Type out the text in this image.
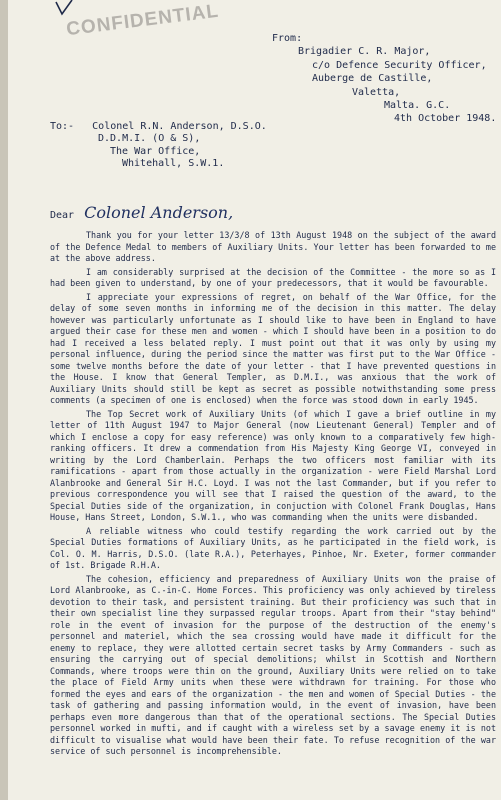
CONFIDENTIAL	From:
Brigadier C. R. Major,
c/o Defence Security Officer,
Auberge de Castille,
Valetta,
Malta. G.C.
4th October 1948.
To:- Colonel R.N. Anderson, D.S.O.
D.D.M.I. (O & S),
The War Office,
Whitehall, S.W.1.
Dear Colonel Anderson,

Thank you for your letter 13/3/8 of 13th August 1948 on the subject of the award of the Defence Medal to members of Auxiliary Units. Your letter has been forwarded to me at the above address.

I am considerably surprised at the decision of the Committee - the more so as I had been given to understand, by one of your predecessors, that it would be favourable.

I appreciate your expressions of regret, on behalf of the War Office, for the delay of some seven months in informing me of the decision in this matter. The delay however was particularly unfortunate as I should like to have been in England to have argued their case for these men and women - which I should have been in a position to do had I received a less belated reply. I must point out that it was only by using my personal influence, during the period since the matter was first put to the War Office - some twelve months before the date of your letter - that I have prevented questions in the House. I know that General Templer, as D.M.I., was anxious that the work of Auxiliary Units should still be kept as secret as possible notwithstanding some press comments (a specimen of one is enclosed) when the force was stood down in early 1945.

The Top Secret work of Auxiliary Units (of which I gave a brief outline in my letter of 11th August 1947 to Major General (now Lieutenant General) Templer and of which I enclose a copy for easy reference) was only known to a comparatively few high-ranking officers. It drew a commendation from His Majesty King George VI, conveyed in writing by the Lord Chamberlain. Perhaps the two officers most familiar with its ramifications - apart from those actually in the organization - were Field Marshal Lord Alanbrooke and General Sir H.C. Loyd. I was not the last Commander, but if you refer to previous correspondence you will see that I raised the question of the award, to the Special Duties side of the organization, in conjuction with Colonel Frank Douglas, Hans House, Hans Street, London, S.W.1., who was commanding when the units were disbanded.

A reliable witness who could testify regarding the work carried out by the Special Duties formations of Auxiliary Units, as he participated in the field work, is Col. O. M. Harris, D.S.O. (late R.A.), Peterhayes, Pinhoe, Nr. Exeter, former commander of 1st. Brigade R.H.A.

The cohesion, efficiency and preparedness of Auxiliary Units won the praise of Lord Alanbrooke, as C.-in-C. Home Forces. This proficiency was only achieved by tireless devotion to their task, and persistent training. But their proficiency was such that in their own specialist line they surpassed regular troops. Apart from their "stay behind" role in the event of invasion for the purpose of the destruction of the enemy's personnel and materiel, which the sea crossing would have made it difficult for the enemy to replace, they were allotted certain secret tasks by Army Commanders - such as ensuring the carrying out of special demolitions; whilst in Scottish and Northern Commands, where troops were thin on the ground, Auxiliary Units were relied on to take the place of Field Army units when these were withdrawn for training. For those who formed the eyes and ears of the organization - the men and women of Special Duties - the task of gathering and passing information would, in the event of invasion, have been perhaps even more dangerous than that of the operational sections. The Special Duties personnel worked in mufti, and if caught with a wireless set by a savage enemy it is not difficult to visualise what would have been their fate. To refuse recognition of the war service of such personnel is incomprehensible.
